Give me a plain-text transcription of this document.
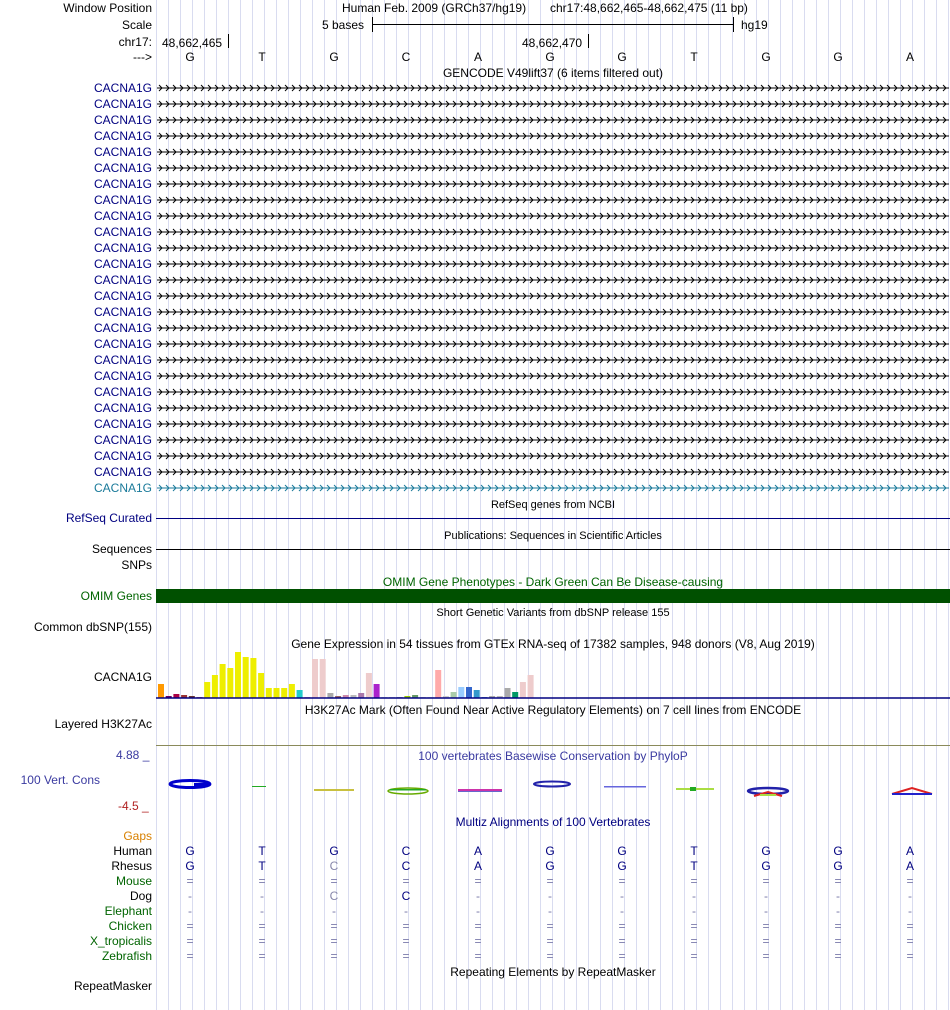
Window Position	Human Feb. 2009 (GRCh37/hg19) chr17:48,662,465-48,662,475 (11 bp)
Scale	5 bases	hg19
chr17: 48,662,465	48,662,470
--->	G	T	G	C	A	G	G	T	G	G	A
GENCODE V49lift37 (6 items filtered out)
CACNA1G
CACNA1G
CACNA1G
CACNA1G
CACNA1G
CACNA1G
CACNA1G
CACNA1G
CACNA1G
CACNA1G
CACNA1G
CACNA1G
CACNA1G
CACNA1G
CACNA1G
CACNA1G
CACNA1G
CACNA1G
CACNA1G
CACNA1G
CACNA1G
CACNA1G
CACNA1G
CACNA1G
CACNA1G
CACNA1G
RefSeq genes from NCBI
RefSeq Curated
Publications: Sequences in Scientific Articles
Sequences
SNPs
OMIM Gene Phenotypes - Dark Green Can Be Disease-causing
OMIM Genes
Short Genetic Variants from dbSNP release 155
Common dbSNP(155)
Gene Expression in 54 tissues from GTEx RNA-seq of 17382 samples, 948 donors (V8, Aug 2019)
CACNA1G
H3K27Ac Mark (Often Found Near Active Regulatory Elements) on 7 cell lines from ENCODE
Layered H3K27Ac
100 vertebrates Basewise Conservation by PhyloP
4.88 _
100 Vert. Cons
-4.5 _
Multiz Alignments of 100 Vertebrates
Gaps
Human	G	T	G	C	A	G	G	T	G	G	A
Rhesus	G	T	C	C	A	G	G	T	G	G	A
Mouse	=	=	=	=	=	=	=	=	=	=	=
Dog	-	-	C	C	-	-	-	-	-	-	-
Elephant	-	-	-	-	-	-	-	-	-	-	-
Chicken	=	=	=	=	=	=	=	=	=	=	=
X_tropicalis	=	=	=	=	=	=	=	=	=	=	=
Zebrafish	=	=	=	=	=	=	=	=	=	=	=
Repeating Elements by RepeatMasker
RepeatMasker
